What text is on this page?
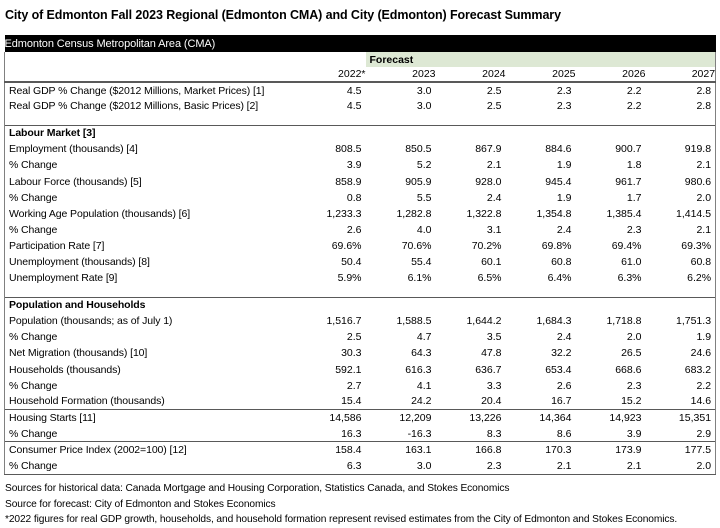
City of Edmonton Fall 2023 Regional (Edmonton CMA) and City (Edmonton) Forecast Summary
Edmonton Census Metropolitan Area (CMA)						
		Forecast				
	2022*	2023	2024	2025	2026	2027
Real GDP % Change ($2012 Millions, Market Prices) [1]	4.5	3.0	2.5	2.3	2.2	2.8
Real GDP % Change ($2012 Millions, Basic Prices) [2]	4.5	3.0	2.5	2.3	2.2	2.8

Labour Market [3]						
Employment (thousands) [4]	808.5	850.5	867.9	884.6	900.7	919.8
% Change	3.9	5.2	2.1	1.9	1.8	2.1
Labour Force (thousands) [5]	858.9	905.9	928.0	945.4	961.7	980.6
% Change	0.8	5.5	2.4	1.9	1.7	2.0
Working Age Population (thousands) [6]	1,233.3	1,282.8	1,322.8	1,354.8	1,385.4	1,414.5
% Change	2.6	4.0	3.1	2.4	2.3	2.1
Participation Rate [7]	69.6%	70.6%	70.2%	69.8%	69.4%	69.3%
Unemployment (thousands) [8]	50.4	55.4	60.1	60.8	61.0	60.8
Unemployment Rate [9]	5.9%	6.1%	6.5%	6.4%	6.3%	6.2%

Population and Households						
Population (thousands; as of July 1)	1,516.7	1,588.5	1,644.2	1,684.3	1,718.8	1,751.3
% Change	2.5	4.7	3.5	2.4	2.0	1.9
Net Migration (thousands) [10]	30.3	64.3	47.8	32.2	26.5	24.6
Households (thousands)	592.1	616.3	636.7	653.4	668.6	683.2
% Change	2.7	4.1	3.3	2.6	2.3	2.2
Household Formation (thousands)	15.4	24.2	20.4	16.7	15.2	14.6
Housing Starts [11]	14,586	12,209	13,226	14,364	14,923	15,351
% Change	16.3	-16.3	8.3	8.6	3.9	2.9
Consumer Price Index (2002=100) [12]	158.4	163.1	166.8	170.3	173.9	177.5
% Change	6.3	3.0	2.3	2.1	2.1	2.0
Sources for historical data: Canada Mortgage and Housing Corporation, Statistics Canada, and Stokes Economics
Source for forecast: City of Edmonton and Stokes Economics
*2022 figures for real GDP growth, households, and household formation represent revised estimates from the City of Edmonton and Stokes Economics.
